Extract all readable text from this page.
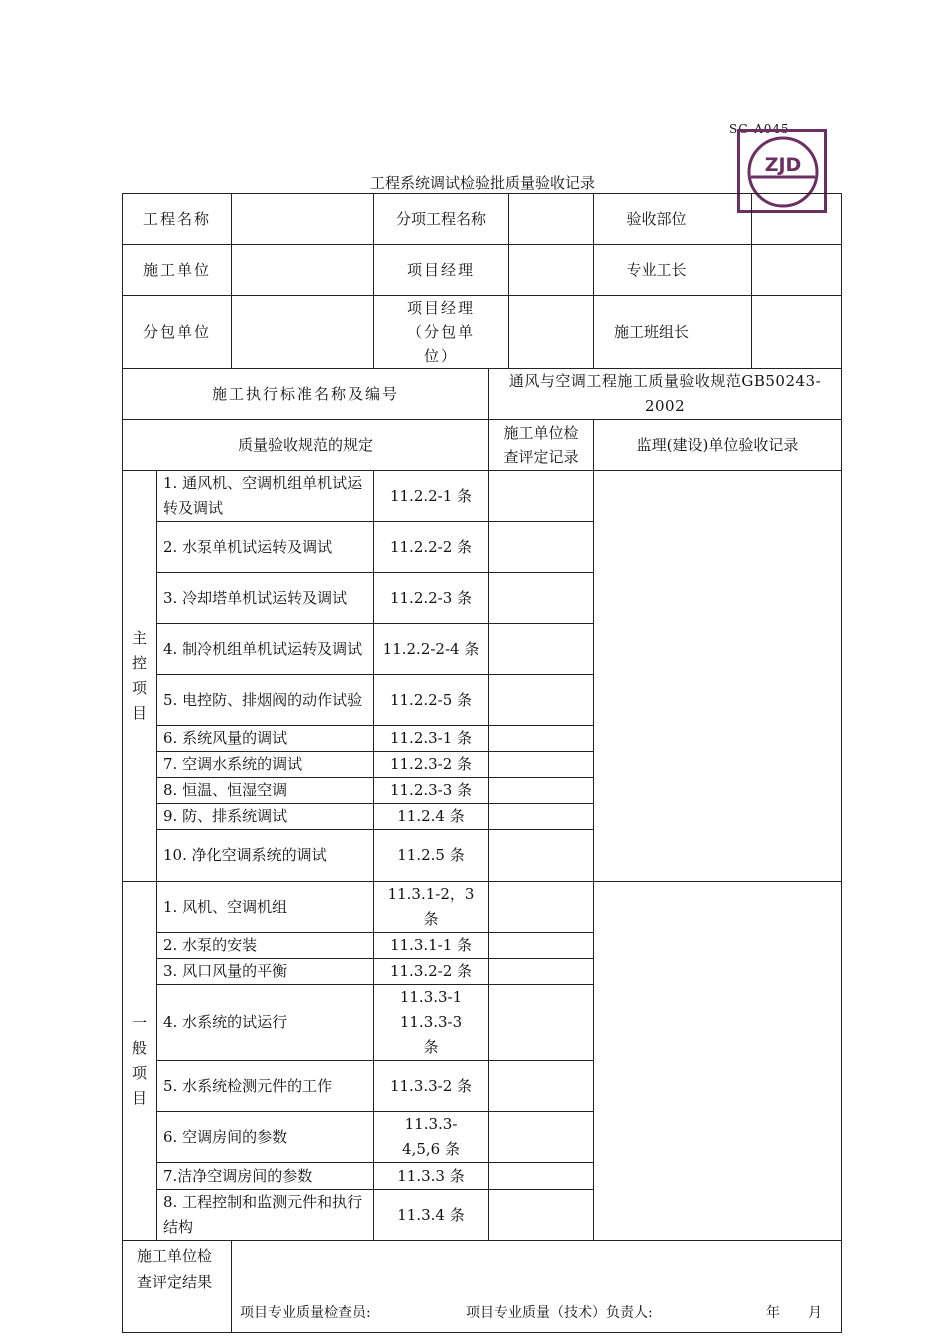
SG-A045
ZJD
工程系统调试检验批质量验收记录
工程名称			分项工程名称			验收部位	
施工单位			项目经理			专业工长	
分包单位			项目经理（分包单位）			施工班组长	
施工执行标准名称及编号				通风与空调工程施工质量验收规范GB50243-2002			
质量验收规范的规定				施工单位检查评定记录		监理(建设)单位验收记录	

主
控
项
目	1. 通风机、空调机组单机试运转及调试		11.2.2-1 条				
	2. 水泵单机试运转及调试		11.2.2-2 条				
	3. 冷却塔单机试运转及调试		11.2.2-3 条				
	4. 制冷机组单机试运转及调试		11.2.2-2-4 条				
	5. 电控防、排烟阀的动作试验		11.2.2-5 条				
	6. 系统风量的调试		11.2.3-1 条				
	7. 空调水系统的调试		11.2.3-2 条				
	8. 恒温、恒湿空调		11.2.3-3 条				
	9. 防、排系统调试		11.2.4 条				
	10. 净化空调系统的调试		11.2.5 条				

一
般
项
目	1. 风机、空调机组		11.3.1-2，3 条				
	2. 水泵的安装		11.3.1-1 条				
	3. 风口风量的平衡		11.3.2-2 条				
	4. 水系统的试运行		11.3.3-1 11.3.3-3 条				
	5. 水系统检测元件的工作		11.3.3-2 条				
	6. 空调房间的参数		11.3.3-4,5,6 条				
	7.洁净空调房间的参数		11.3.3 条				
	8. 工程控制和监测元件和执行结构		11.3.4 条				
施工单位检查评定结果		项目专业质量检查员: 项目专业质量（技术）负责人: 年 月					
